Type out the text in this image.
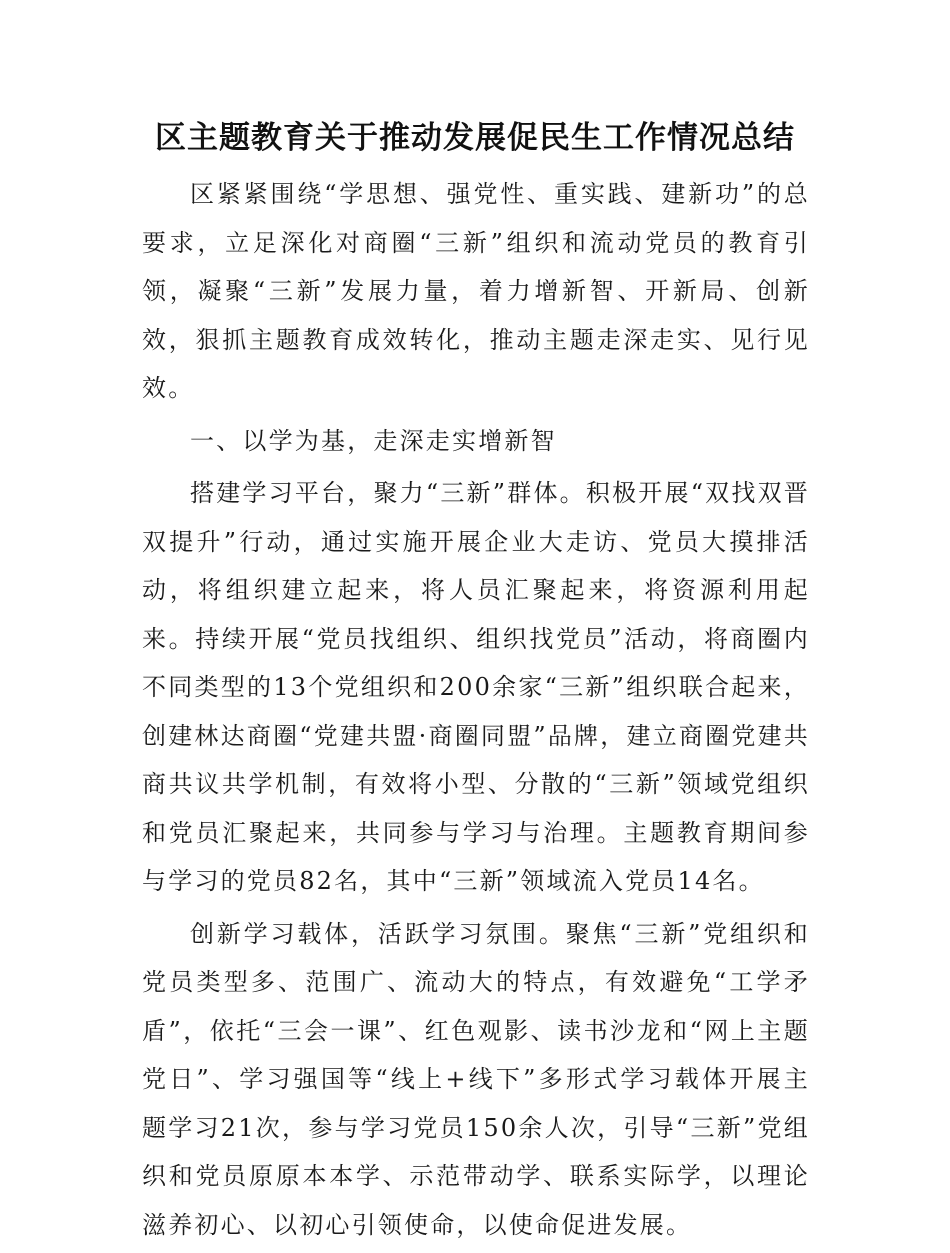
区主题教育关于推动发展促民生工作情况总结

区紧紧围绕“学思想、强党性、重实践、建新功”的总要求，立足深化对商圈“三新”组织和流动党员的教育引领，凝聚“三新”发展力量，着力增新智、开新局、创新效，狠抓主题教育成效转化，推动主题走深走实、见行见效。

一、以学为基，走深走实增新智

搭建学习平台，聚力“三新”群体。积极开展“双找双晋双提升”行动，通过实施开展企业大走访、党员大摸排活动，将组织建立起来，将人员汇聚起来，将资源利用起来。持续开展“党员找组织、组织找党员”活动，将商圈内不同类型的13个党组织和200余家“三新”组织联合起来，创建林达商圈“党建共盟·商圈同盟”品牌，建立商圈党建共商共议共学机制，有效将小型、分散的“三新”领域党组织和党员汇聚起来，共同参与学习与治理。主题教育期间参与学习的党员82名，其中“三新”领域流入党员14名。

创新学习载体，活跃学习氛围。聚焦“三新”党组织和党员类型多、范围广、流动大的特点，有效避免“工学矛盾”，依托“三会一课”、红色观影、读书沙龙和“网上主题党日”、学习强国等“线上+线下”多形式学习载体开展主题学习21次，参与学习党员150余人次，引导“三新”党组织和党员原原本本学、示范带动学、联系实际学，以理论滋养初心、以初心引领使命，以使命促进发展。
